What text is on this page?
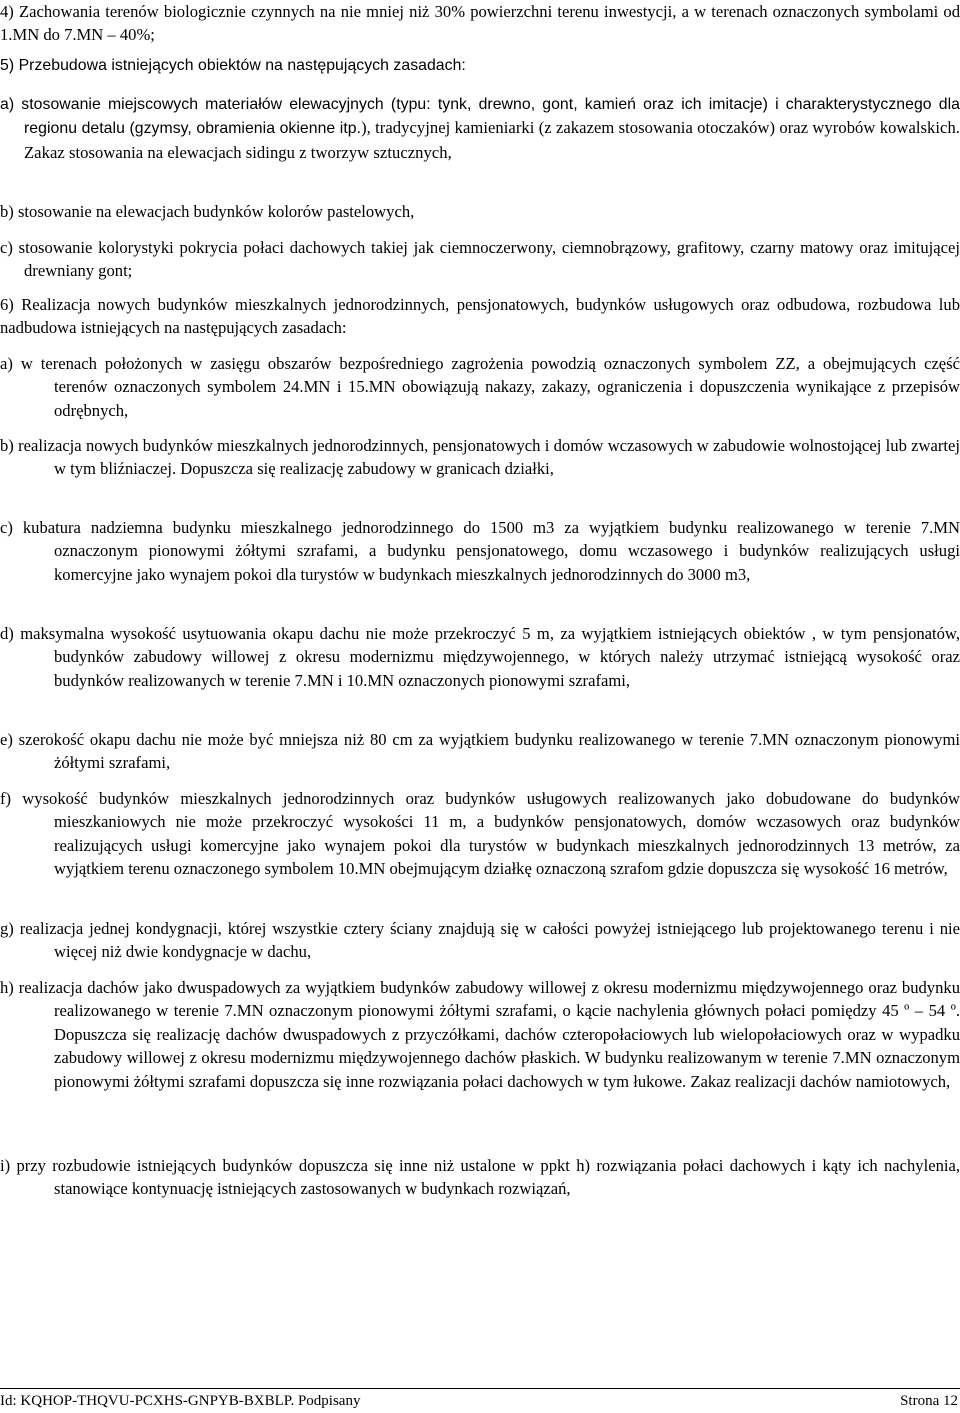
4) Zachowania terenów biologicznie czynnych na nie mniej niż 30% powierzchni terenu inwestycji, a w terenach oznaczonych symbolami od 1.MN do 7.MN – 40%;

5) Przebudowa istniejących obiektów na następujących zasadach:

a) stosowanie miejscowych materiałów elewacyjnych (typu: tynk, drewno, gont, kamień oraz ich imitacje) i charakterystycznego dla regionu detalu (gzymsy, obramienia okienne itp.), tradycyjnej kamieniarki (z zakazem stosowania otoczaków) oraz wyrobów kowalskich. Zakaz stosowania na elewacjach sidingu z tworzyw sztucznych,

b) stosowanie na elewacjach budynków kolorów pastelowych,

c) stosowanie kolorystyki pokrycia połaci dachowych takiej jak ciemnoczerwony, ciemnobrązowy, grafitowy, czarny matowy oraz imitującej drewniany gont;

6) Realizacja nowych budynków mieszkalnych jednorodzinnych, pensjonatowych, budynków usługowych oraz odbudowa, rozbudowa lub nadbudowa istniejących na następujących zasadach:

a) w terenach położonych w zasięgu obszarów bezpośredniego zagrożenia powodzią oznaczonych symbolem ZZ, a obejmujących część terenów oznaczonych symbolem 24.MN i 15.MN obowiązują nakazy, zakazy, ograniczenia i dopuszczenia wynikające z przepisów odrębnych,

b) realizacja nowych budynków mieszkalnych jednorodzinnych, pensjonatowych i domów wczasowych w zabudowie wolnostojącej lub zwartej w tym bliźniaczej. Dopuszcza się realizację zabudowy w granicach działki,

c) kubatura nadziemna budynku mieszkalnego jednorodzinnego do 1500 m3 za wyjątkiem budynku realizowanego w terenie 7.MN oznaczonym pionowymi żółtymi szrafami, a budynku pensjonatowego, domu wczasowego i budynków realizujących usługi komercyjne jako wynajem pokoi dla turystów w budynkach mieszkalnych jednorodzinnych do 3000 m3,

d) maksymalna wysokość usytuowania okapu dachu nie może przekroczyć 5 m, za wyjątkiem istniejących obiektów , w tym pensjonatów, budynków zabudowy willowej z okresu modernizmu międzywojennego, w których należy utrzymać istniejącą wysokość oraz budynków realizowanych w terenie 7.MN i 10.MN oznaczonych pionowymi szrafami,

e) szerokość okapu dachu nie może być mniejsza niż 80 cm za wyjątkiem budynku realizowanego w terenie 7.MN oznaczonym pionowymi żółtymi szrafami,

f) wysokość budynków mieszkalnych jednorodzinnych oraz budynków usługowych realizowanych jako dobudowane do budynków mieszkaniowych nie może przekroczyć wysokości 11 m, a budynków pensjonatowych, domów wczasowych oraz budynków realizujących usługi komercyjne jako wynajem pokoi dla turystów w budynkach mieszkalnych jednorodzinnych 13 metrów, za wyjątkiem terenu oznaczonego symbolem 10.MN obejmującym działkę oznaczoną szrafom gdzie dopuszcza się wysokość 16 metrów,

g) realizacja jednej kondygnacji, której wszystkie cztery ściany znajdują się w całości powyżej istniejącego lub projektowanego terenu i nie więcej niż dwie kondygnacje w dachu,

h) realizacja dachów jako dwuspadowych za wyjątkiem budynków zabudowy willowej z okresu modernizmu międzywojennego oraz budynku realizowanego w terenie 7.MN oznaczonym pionowymi żółtymi szrafami, o kącie nachylenia głównych połaci pomiędzy 45 º – 54 º. Dopuszcza się realizację dachów dwuspadowych z przyczółkami, dachów czteropołaciowych lub wielopołaciowych oraz w wypadku zabudowy willowej z okresu modernizmu międzywojennego dachów płaskich. W budynku realizowanym w terenie 7.MN oznaczonym pionowymi żółtymi szrafami dopuszcza się inne rozwiązania połaci dachowych w tym łukowe. Zakaz realizacji dachów namiotowych,

i) przy rozbudowie istniejących budynków dopuszcza się inne niż ustalone w ppkt h) rozwiązania połaci dachowych i kąty ich nachylenia, stanowiące kontynuację istniejących zastosowanych w budynkach rozwiązań,

Id: KQHOP-THQVU-PCXHS-GNPYB-BXBLP. Podpisany	Strona 12
